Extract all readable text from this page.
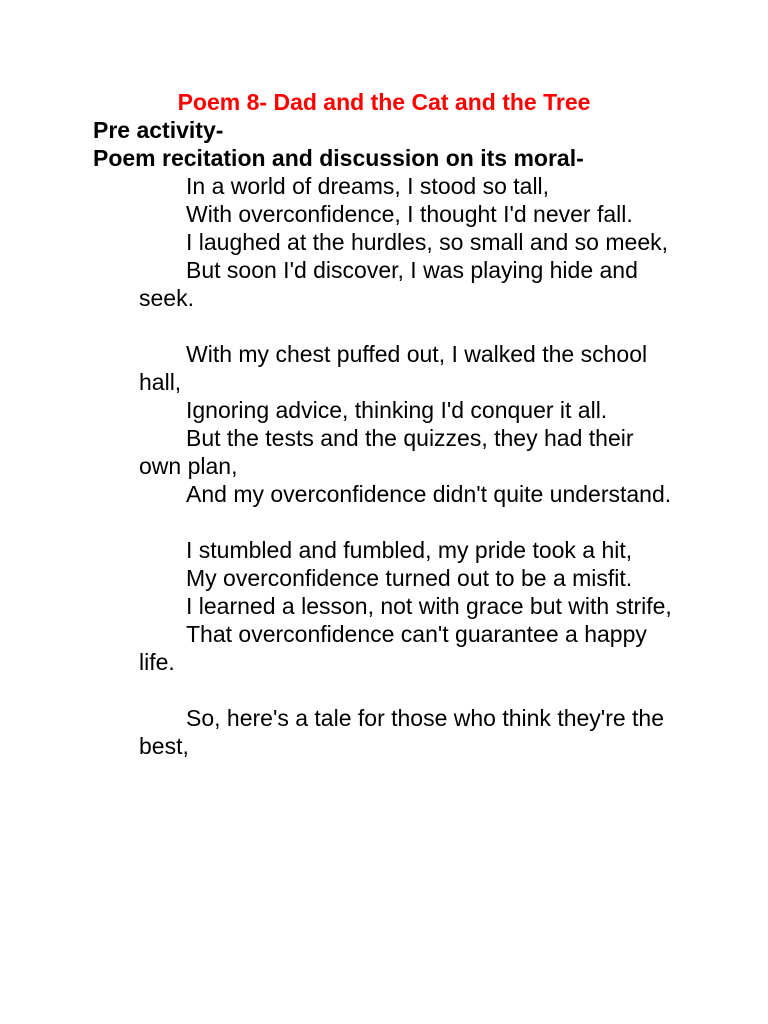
Poem 8- Dad and the Cat and the Tree
Pre activity-
Poem recitation and discussion on its moral-

In a world of dreams, I stood so tall,

With overconfidence, I thought I'd never fall.

I laughed at the hurdles, so small and so meek,

But soon I'd discover, I was playing hide and seek.

With my chest puffed out, I walked the school hall,

Ignoring advice, thinking I'd conquer it all.

But the tests and the quizzes, they had their own plan,

And my overconfidence didn't quite understand.

I stumbled and fumbled, my pride took a hit,

My overconfidence turned out to be a misfit.

I learned a lesson, not with grace but with strife,

That overconfidence can't guarantee a happy life.

So, here's a tale for those who think they're the best,
